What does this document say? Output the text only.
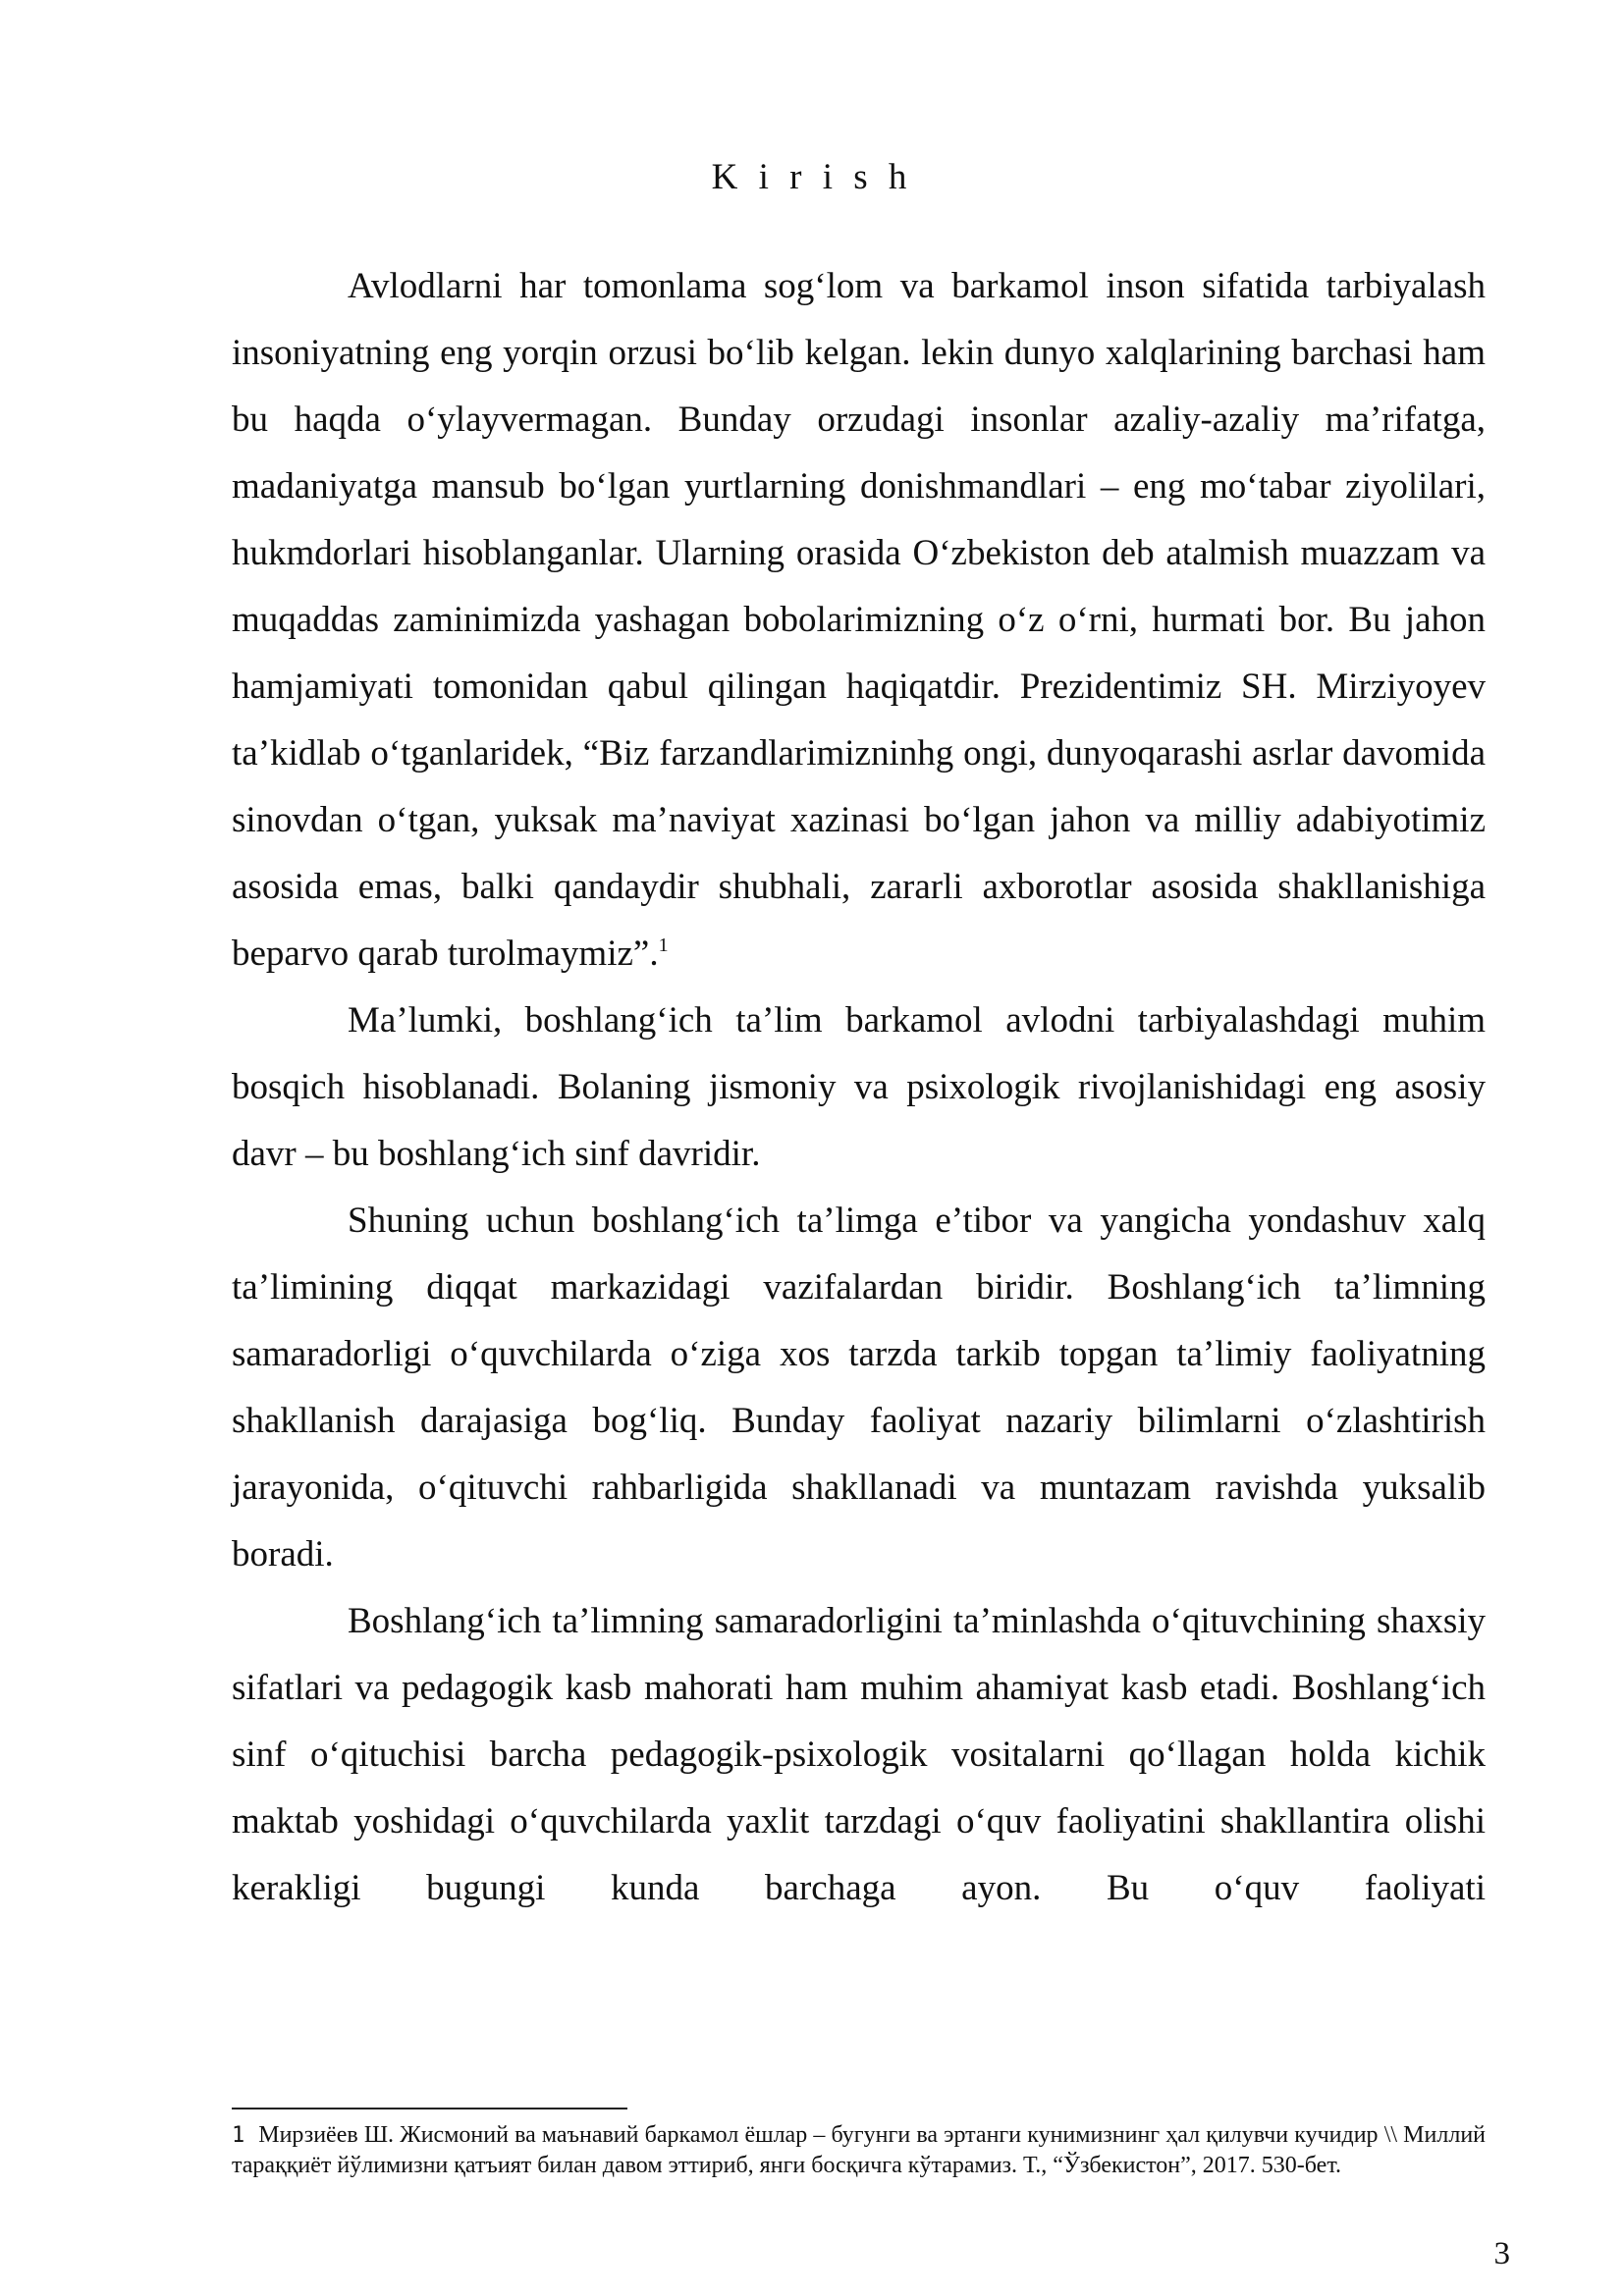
K i r i s h

Avlodlarni har tomonlama sog‘lom va barkamol inson sifatida tarbiyalash insoniyatning eng yorqin orzusi bo‘lib kelgan. lekin dunyo xalqlarining barchasi ham bu haqda o‘ylayvermagan. Bunday orzudagi insonlar azaliy-azaliy ma’rifatga, madaniyatga mansub bo‘lgan yurtlarning donishmandlari – eng mo‘tabar ziyolilari, hukmdorlari hisoblanganlar. Ularning orasida O‘zbekiston deb atalmish muazzam va muqaddas zaminimizda yashagan bobolarimizning o‘z o‘rni, hurmati bor. Bu jahon hamjamiyati tomonidan qabul qilingan haqiqatdir. Prezidentimiz SH. Mirziyoyev ta’kidlab o‘tganlaridek, “Biz farzandlarimizninhg ongi, dunyoqarashi asrlar davomida sinovdan o‘tgan, yuksak ma’naviyat xazinasi bo‘lgan jahon va milliy adabiyotimiz asosida emas, balki qandaydir shubhali, zararli axborotlar asosida shakllanishiga beparvo qarab turolmaymiz”.$^1$

Ma’lumki, boshlang‘ich ta’lim barkamol avlodni tarbiyalashdagi muhim bosqich hisoblanadi. Bolaning jismoniy va psixologik rivojlanishidagi eng asosiy davr – bu boshlang‘ich sinf davridir.

Shuning uchun boshlang‘ich ta’limga e’tibor va yangicha yondashuv xalq ta’limining diqqat markazidagi vazifalardan biridir. Boshlang‘ich ta’limning samaradorligi o‘quvchilarda o‘ziga xos tarzda tarkib topgan ta’limiy faoliyatning shakllanish darajasiga bog‘liq. Bunday faoliyat nazariy bilimlarni o‘zlashtirish jarayonida, o‘qituvchi rahbarligida shakllanadi va muntazam ravishda yuksalib boradi.

Boshlang‘ich ta’limning samaradorligini ta’minlashda o‘qituvchining shaxsiy sifatlari va pedagogik kasb mahorati ham muhim ahamiyat kasb etadi. Boshlang‘ich sinf o‘qituchisi barcha pedagogik-psixologik vositalarni qo‘llagan holda kichik maktab yoshidagi o‘quvchilarda yaxlit tarzdagi o‘quv faoliyatini shakllantira olishi kerakligi bugungi kunda barchaga ayon. Bu o‘quv faoliyati

1 Мирзиёев Ш. Жисмоний ва маънавий баркамол ёшлар – бугунги ва эртанги кунимизнинг ҳал қилувчи кучидир \\ Миллий тараққиёт йўлимизни қатъият билан давом эттириб, янги босқичга кўтарамиз. Т., “Ўзбекистон”, 2017. 530-бет.
3
